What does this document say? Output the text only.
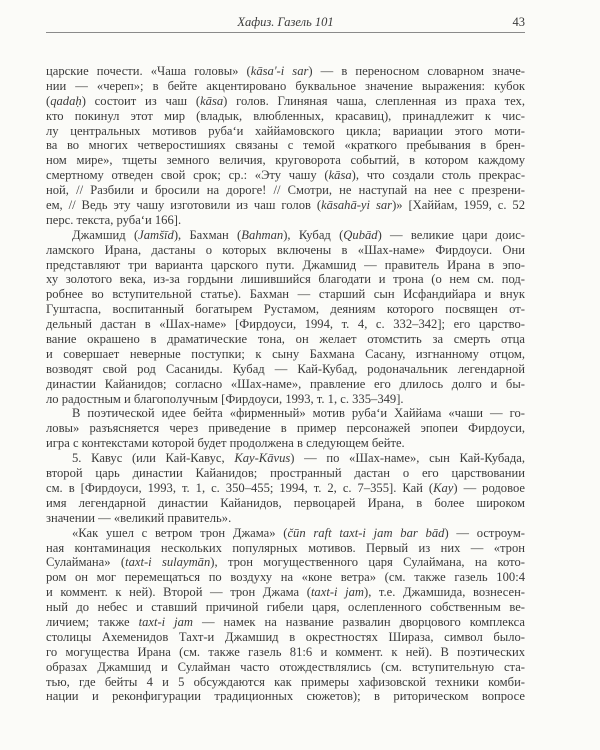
Хафиз. Газель 101	43
царские почести. «Чаша головы» (kāsa'-i sar) — в переносном словарном значе-
нии — «череп»; в бейте акцентировано буквальное значение выражения: кубок
(qadaḥ) состоит из чаш (kāsa) голов. Глиняная чаша, слепленная из праха тех,
кто покинул этот мир (владык, влюбленных, красавиц), принадлежит к чис-
лу центральных мотивов руба‘и хаййамовского цикла; вариации этого моти-
ва во многих четверостишиях связаны с темой «краткого пребывания в брен-
ном мире», тщеты земного величия, круговорота событий, в котором каждому
смертному отведен свой срок; ср.: «Эту чашу (kāsa), что создали столь прекрас-
ной, // Разбили и бросили на дороге! // Смотри, не наступай на нее с презрени-
ем, // Ведь эту чашу изготовили из чаш голов (kāsahā-yi sar)» [Хаййам, 1959, с. 52
перс. текста, руба‘и 166].
Джамшид (Jamšīd), Бахман (Bahman), Кубад (Qubād) — великие цари доис-
ламского Ирана, дастаны о которых включены в «Шах-наме» Фирдоуси. Они
представляют три варианта царского пути. Джамшид — правитель Ирана в эпо-
ху золотого века, из-за гордыни лишившийся благодати и трона (о нем см. под-
робнее во вступительной статье). Бахман — старший сын Исфандийара и внук
Гуштаспа, воспитанный богатырем Рустамом, деяниям которого посвящен от-
дельный дастан в «Шах-наме» [Фирдоуси, 1994, т. 4, с. 332–342]; его царство-
вание окрашено в драматические тона, он желает отомстить за смерть отца
и совершает неверные поступки; к сыну Бахмана Сасану, изгнанному отцом,
возводят свой род Сасаниды. Кубад — Кай-Кубад, родоначальник легендарной
династии Кайанидов; согласно «Шах-наме», правление его длилось долго и бы-
ло радостным и благополучным [Фирдоуси, 1993, т. 1, с. 335–349].
В поэтической идее бейта «фирменный» мотив руба‘и Хаййама «чаши — го-
ловы» разъясняется через приведение в пример персонажей эпопеи Фирдоуси,
игра с контекстами которой будет продолжена в следующем бейте.
5. Кавус (или Кай-Кавус, Kay-Kāvus) — по «Шах-наме», сын Кай-Кубада,
второй царь династии Кайанидов; пространный дастан о его царствовании
см. в [Фирдоуси, 1993, т. 1, с. 350–455; 1994, т. 2, с. 7–355]. Кай (Kay) — родовое
имя легендарной династии Кайанидов, первоцарей Ирана, в более широком
значении — «великий правитель».
«Как ушел с ветром трон Джама» (čūn raft taxt-i jam bar bād) — остроум-
ная контаминация нескольких популярных мотивов. Первый из них — «трон
Сулаймана» (taxt-i sulaymān), трон могущественного царя Сулаймана, на кото-
ром он мог перемещаться по воздуху на «коне ветра» (см. также газель 100:4
и коммент. к ней). Второй — трон Джама (taxt-i jam), т.е. Джамшида, вознесен-
ный до небес и ставший причиной гибели царя, ослепленного собственным ве-
личием; также taxt-i jam — намек на название развалин дворцового комплекса
столицы Ахеменидов Тахт-и Джамшид в окрестностях Шираза, символ было-
го могущества Ирана (см. также газель 81:6 и коммент. к ней). В поэтических
образах Джамшид и Сулайман часто отождествлялись (см. вступительную ста-
тью, где бейты 4 и 5 обсуждаются как примеры хафизовской техники комби-
нации и реконфигурации традиционных сюжетов); в риторическом вопросе
